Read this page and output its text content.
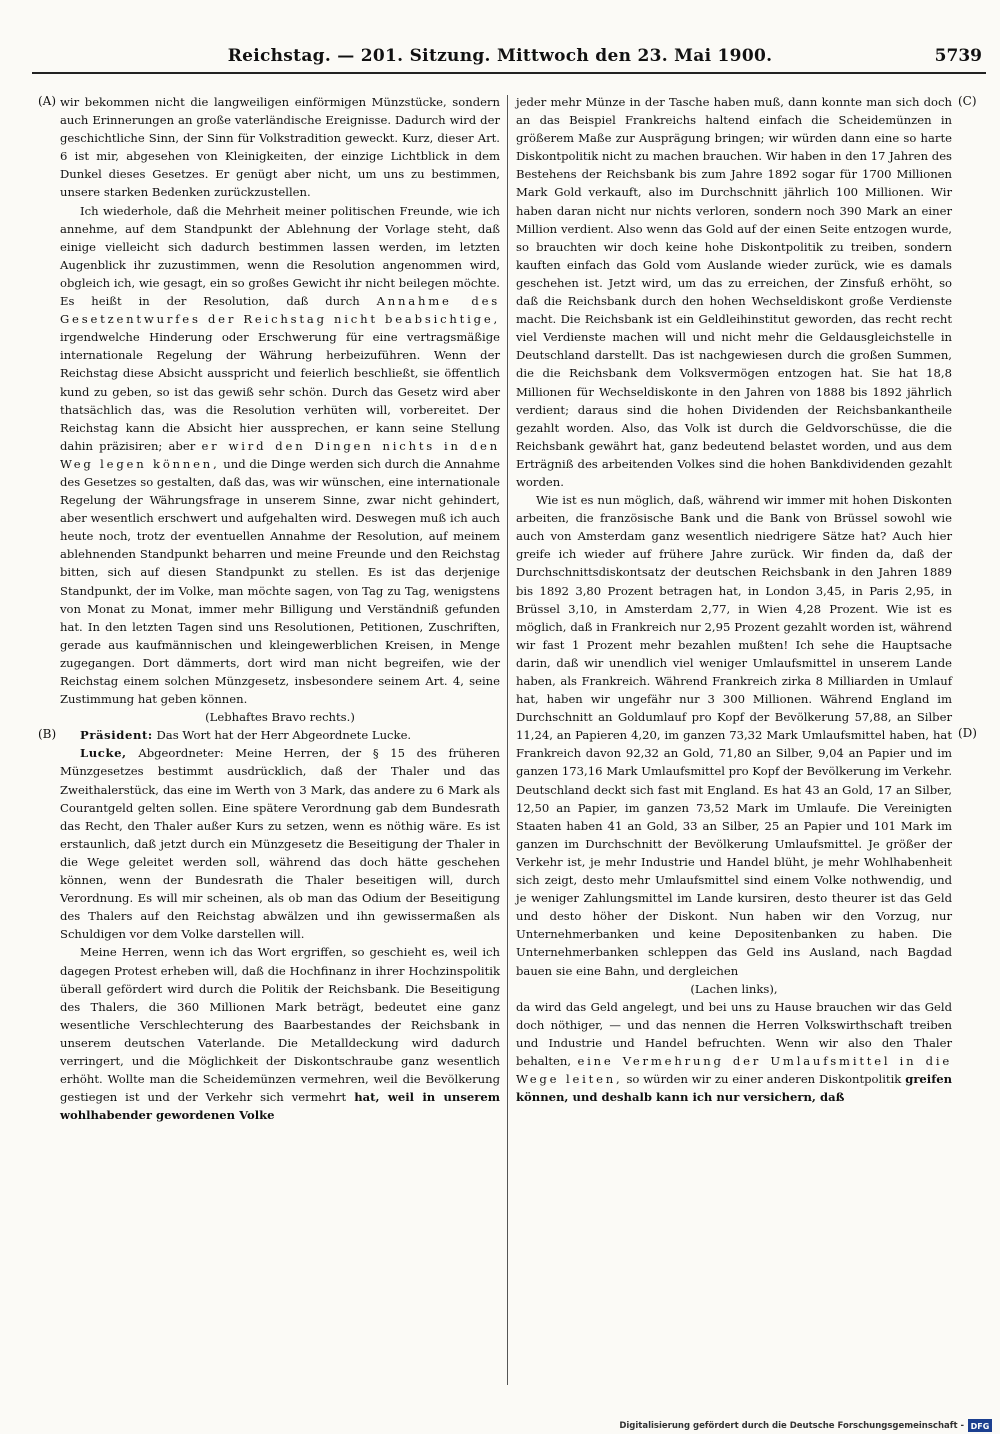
Reichstag. — 201. Sitzung. Mittwoch den 23. Mai 1900.	5739
(A)
(B)
(C)
(D)

wir bekommen nicht die langweiligen einförmigen Münzstücke, sondern auch Erinnerungen an große vaterländische Ereignisse. Dadurch wird der geschichtliche Sinn, der Sinn für Volkstradition geweckt. Kurz, dieser Art. 6 ist mir, abgesehen von Kleinigkeiten, der einzige Lichtblick in dem Dunkel dieses Gesetzes. Er genügt aber nicht, um uns zu bestimmen, unsere starken Bedenken zurückzustellen.

Ich wiederhole, daß die Mehrheit meiner politischen Freunde, wie ich annehme, auf dem Standpunkt der Ablehnung der Vorlage steht, daß einige vielleicht sich dadurch bestimmen lassen werden, im letzten Augenblick ihr zuzustimmen, wenn die Resolution angenommen wird, obgleich ich, wie gesagt, ein so großes Gewicht ihr nicht beilegen möchte. Es heißt in der Resolution, daß durch Annahme des Gesetzentwurfes der Reichstag nicht beabsichtige, irgendwelche Hinderung oder Erschwerung für eine vertragsmäßige internationale Regelung der Währung herbeizuführen. Wenn der Reichstag diese Absicht ausspricht und feierlich beschließt, sie öffentlich kund zu geben, so ist das gewiß sehr schön. Durch das Gesetz wird aber thatsächlich das, was die Resolution verhüten will, vorbereitet. Der Reichstag kann die Absicht hier aussprechen, er kann seine Stellung dahin präzisiren; aber er wird den Dingen nichts in den Weg legen können, und die Dinge werden sich durch die Annahme des Gesetzes so gestalten, daß das, was wir wünschen, eine internationale Regelung der Währungsfrage in unserem Sinne, zwar nicht gehindert, aber wesentlich erschwert und aufgehalten wird. Deswegen muß ich auch heute noch, trotz der eventuellen Annahme der Resolution, auf meinem ablehnenden Standpunkt beharren und meine Freunde und den Reichstag bitten, sich auf diesen Standpunkt zu stellen. Es ist das derjenige Standpunkt, der im Volke, man möchte sagen, von Tag zu Tag, wenigstens von Monat zu Monat, immer mehr Billigung und Verständniß gefunden hat. In den letzten Tagen sind uns Resolutionen, Petitionen, Zuschriften, gerade aus kaufmännischen und kleingewerblichen Kreisen, in Menge zugegangen. Dort dämmerts, dort wird man nicht begreifen, wie der Reichstag einem solchen Münzgesetz, insbesondere seinem Art. 4, seine Zustimmung hat geben können.

(Lebhaftes Bravo rechts.)

Präsident: Das Wort hat der Herr Abgeordnete Lucke.

Lucke, Abgeordneter: Meine Herren, der § 15 des früheren Münzgesetzes bestimmt ausdrücklich, daß der Thaler und das Zweithalerstück, das eine im Werth von 3 Mark, das andere zu 6 Mark als Courantgeld gelten sollen. Eine spätere Verordnung gab dem Bundesrath das Recht, den Thaler außer Kurs zu setzen, wenn es nöthig wäre. Es ist erstaunlich, daß jetzt durch ein Münzgesetz die Beseitigung der Thaler in die Wege geleitet werden soll, während das doch hätte geschehen können, wenn der Bundesrath die Thaler beseitigen will, durch Verordnung. Es will mir scheinen, als ob man das Odium der Beseitigung des Thalers auf den Reichstag abwälzen und ihn gewissermaßen als Schuldigen vor dem Volke darstellen will.

Meine Herren, wenn ich das Wort ergriffen, so geschieht es, weil ich dagegen Protest erheben will, daß die Hochfinanz in ihrer Hochzinspolitik überall gefördert wird durch die Politik der Reichsbank. Die Beseitigung des Thalers, die 360 Millionen Mark beträgt, bedeutet eine ganz wesentliche Verschlechterung des Baarbestandes der Reichsbank in unserem deutschen Vaterlande. Die Metalldeckung wird dadurch verringert, und die Möglichkeit der Diskontschraube ganz wesentlich erhöht. Wollte man die Scheidemünzen vermehren, weil die Bevölkerung gestiegen ist und der Verkehr sich vermehrt hat, weil in unserem wohlhabender gewordenen Volke

jeder mehr Münze in der Tasche haben muß, dann konnte man sich doch an das Beispiel Frankreichs haltend einfach die Scheidemünzen in größerem Maße zur Ausprägung bringen; wir würden dann eine so harte Diskontpolitik nicht zu machen brauchen. Wir haben in den 17 Jahren des Bestehens der Reichsbank bis zum Jahre 1892 sogar für 1700 Millionen Mark Gold verkauft, also im Durchschnitt jährlich 100 Millionen. Wir haben daran nicht nur nichts verloren, sondern noch 390 Mark an einer Million verdient. Also wenn das Gold auf der einen Seite entzogen wurde, so brauchten wir doch keine hohe Diskontpolitik zu treiben, sondern kauften einfach das Gold vom Auslande wieder zurück, wie es damals geschehen ist. Jetzt wird, um das zu erreichen, der Zinsfuß erhöht, so daß die Reichsbank durch den hohen Wechseldiskont große Verdienste macht. Die Reichsbank ist ein Geldleihinstitut geworden, das recht recht viel Verdienste machen will und nicht mehr die Geldausgleichstelle in Deutschland darstellt. Das ist nachgewiesen durch die großen Summen, die die Reichsbank dem Volksvermögen entzogen hat. Sie hat 18,8 Millionen für Wechseldiskonte in den Jahren von 1888 bis 1892 jährlich verdient; daraus sind die hohen Dividenden der Reichsbankantheile gezahlt worden. Also, das Volk ist durch die Geldvorschüsse, die die Reichsbank gewährt hat, ganz bedeutend belastet worden, und aus dem Erträgniß des arbeitenden Volkes sind die hohen Bankdividenden gezahlt worden.

Wie ist es nun möglich, daß, während wir immer mit hohen Diskonten arbeiten, die französische Bank und die Bank von Brüssel sowohl wie auch von Amsterdam ganz wesentlich niedrigere Sätze hat? Auch hier greife ich wieder auf frühere Jahre zurück. Wir finden da, daß der Durchschnittsdiskontsatz der deutschen Reichsbank in den Jahren 1889 bis 1892 3,80 Prozent betragen hat, in London 3,45, in Paris 2,95, in Brüssel 3,10, in Amsterdam 2,77, in Wien 4,28 Prozent. Wie ist es möglich, daß in Frankreich nur 2,95 Prozent gezahlt worden ist, während wir fast 1 Prozent mehr bezahlen mußten! Ich sehe die Hauptsache darin, daß wir unendlich viel weniger Umlaufsmittel in unserem Lande haben, als Frankreich. Während Frankreich zirka 8 Milliarden in Umlauf hat, haben wir ungefähr nur 3 300 Millionen. Während England im Durchschnitt an Goldumlauf pro Kopf der Bevölkerung 57,88, an Silber 11,24, an Papieren 4,20, im ganzen 73,32 Mark Umlaufsmittel haben, hat Frankreich davon 92,32 an Gold, 71,80 an Silber, 9,04 an Papier und im ganzen 173,16 Mark Umlaufsmittel pro Kopf der Bevölkerung im Verkehr. Deutschland deckt sich fast mit England. Es hat 43 an Gold, 17 an Silber, 12,50 an Papier, im ganzen 73,52 Mark im Umlaufe. Die Vereinigten Staaten haben 41 an Gold, 33 an Silber, 25 an Papier und 101 Mark im ganzen im Durchschnitt der Bevölkerung Umlaufsmittel. Je größer der Verkehr ist, je mehr Industrie und Handel blüht, je mehr Wohlhabenheit sich zeigt, desto mehr Umlaufsmittel sind einem Volke nothwendig, und je weniger Zahlungsmittel im Lande kursiren, desto theurer ist das Geld und desto höher der Diskont. Nun haben wir den Vorzug, nur Unternehmerbanken und keine Depositenbanken zu haben. Die Unternehmerbanken schleppen das Geld ins Ausland, nach Bagdad bauen sie eine Bahn, und dergleichen

(Lachen links),

da wird das Geld angelegt, und bei uns zu Hause brauchen wir das Geld doch nöthiger, — und das nennen die Herren Volkswirthschaft treiben und Industrie und Handel befruchten. Wenn wir also den Thaler behalten, eine Vermehrung der Umlaufsmittel in die Wege leiten, so würden wir zu einer anderen Diskontpolitik greifen können, und deshalb kann ich nur versichern, daß

Digitalisierung gefördert durch die Deutsche Forschungsgemeinschaft - DFG
